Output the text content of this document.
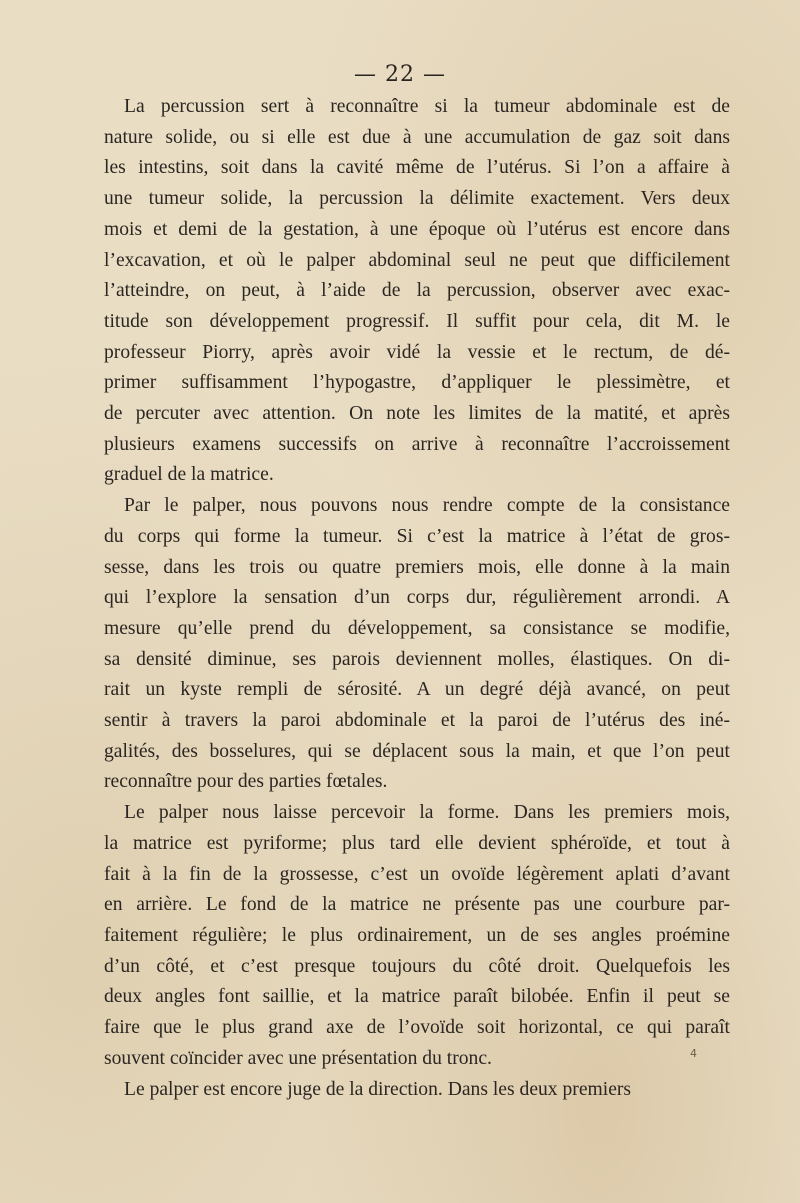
— 22 —

La percussion sert à reconnaître si la tumeur abdominale est de
nature solide, ou si elle est due à une accumulation de gaz soit dans
les intestins, soit dans la cavité même de l’utérus. Si l’on a affaire à
une tumeur solide, la percussion la délimite exactement. Vers deux
mois et demi de la gestation, à une époque où l’utérus est encore dans
l’excavation, et où le palper abdominal seul ne peut que difficilement
l’atteindre, on peut, à l’aide de la percussion, observer avec exac-
titude son développement progressif. Il suffit pour cela, dit M. le
professeur Piorry, après avoir vidé la vessie et le rectum, de dé-
primer suffisamment l’hypogastre, d’appliquer le plessimètre, et
de percuter avec attention. On note les limites de la matité, et après
plusieurs examens successifs on arrive à reconnaître l’accroissement
graduel de la matrice.

Par le palper, nous pouvons nous rendre compte de la consistance
du corps qui forme la tumeur. Si c’est la matrice à l’état de gros-
sesse, dans les trois ou quatre premiers mois, elle donne à la main
qui l’explore la sensation d’un corps dur, régulièrement arrondi. A
mesure qu’elle prend du développement, sa consistance se modifie,
sa densité diminue, ses parois deviennent molles, élastiques. On di-
rait un kyste rempli de sérosité. A un degré déjà avancé, on peut
sentir à travers la paroi abdominale et la paroi de l’utérus des iné-
galités, des bosselures, qui se déplacent sous la main, et que l’on peut
reconnaître pour des parties fœtales.

Le palper nous laisse percevoir la forme. Dans les premiers mois,
la matrice est pyriforme; plus tard elle devient sphéroïde, et tout à
fait à la fin de la grossesse, c’est un ovoïde légèrement aplati d’avant
en arrière. Le fond de la matrice ne présente pas une courbure par-
faitement régulière; le plus ordinairement, un de ses angles proémine
d’un côté, et c’est presque toujours du côté droit. Quelquefois les
deux angles font saillie, et la matrice paraît bilobée. Enfin il peut se
faire que le plus grand axe de l’ovoïde soit horizontal, ce qui paraît
souvent coïncider avec une présentation du tronc.

Le palper est encore juge de la direction. Dans les deux premiers

4
